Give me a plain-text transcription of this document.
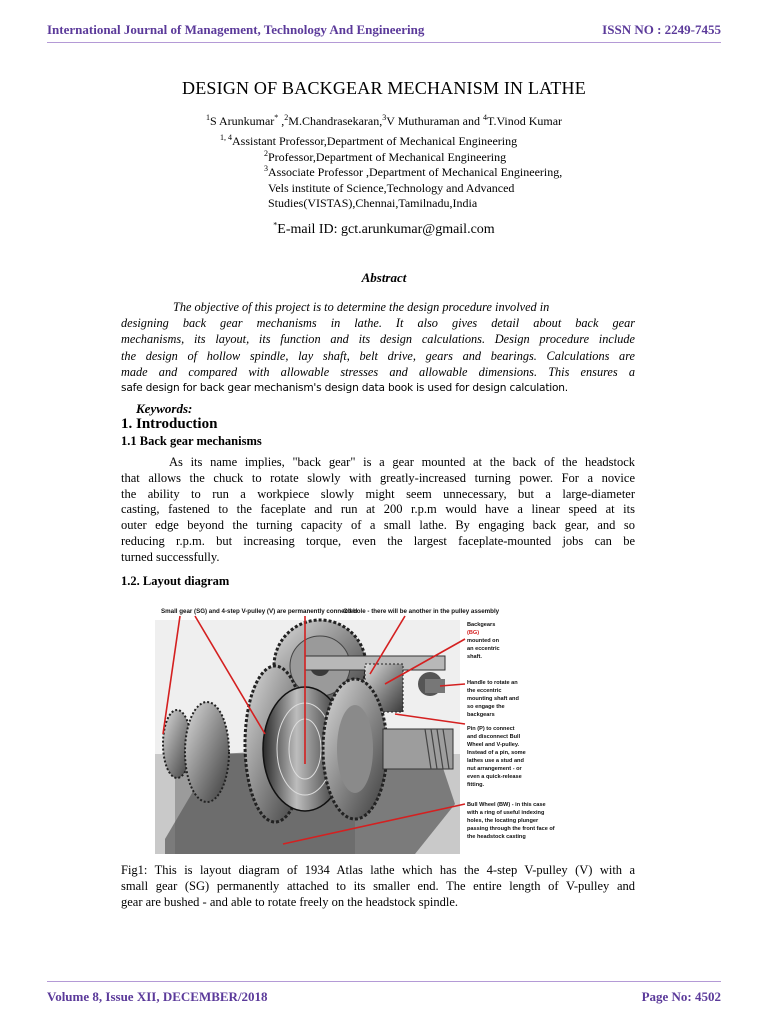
International Journal of Management, Technology And Engineering	ISSN NO : 2249-7455
DESIGN OF BACKGEAR MECHANISM IN LATHE
$^1$S Arunkumar* ,$^2$M.Chandrasekaran,$^3$V Muthuraman and $^4$T.Vinod Kumar
$^{1, 4}$Assistant Professor,Department of Mechanical Engineering
$^2$Professor,Department of Mechanical Engineering
$^3$Associate Professor ,Department of Mechanical Engineering,
Vels institute of Science,Technology and Advanced
Studies(VISTAS),Chennai,Tamilnadu,India
*E-mail ID: gct.arunkumar@gmail.com
Abstract
The objective of this project is to determine the design procedure involved in
designing back gear mechanisms in lathe. It also gives detail about back gear
mechanisms, its layout, its function and its design calculations. Design procedure include
the design of hollow spindle, lay shaft, belt drive, gears and bearings. Calculations are
made and compared with allowable stresses and allowable dimensions. This ensures a
safe design for back gear mechanism's design data book is used for design calculation.
Keywords:
1. Introduction
1.1 Back gear mechanisms
As its name implies, "back gear" is a gear mounted at the back of the headstock
that allows the chuck to rotate slowly with greatly-increased turning power. For a novice
the ability to run a workpiece slowly might seem unnecessary, but a large-diameter
casting, fastened to the faceplate and run at 200 r.p.m would have a linear speed at its
outer edge beyond the turning capacity of a small lathe. By engaging back gear, and so
reducing r.p.m. but increasing torque, even the largest faceplate-mounted jobs can be
turned successfully.
1.2. Layout diagram
Small gear (SG) and 4-step V-pulley (V) are permanently connected
Oil hole - there will be another in the pulley assembly
Backgears
(BG)
mounted on
an eccentric
shaft.
Handle to rotate an
the eccentric
mounting shaft and
so engage the
backgears
Pin (P) to connect
and disconnect Bull
Wheel and V-pulley.
Instead of a pin, some
lathes use a stud and
nut arrangement - or
even a quick-release
fitting.
Bull Wheel (BW) - in this case
with a ring of useful indexing
holes, the locating plunger
passing through the front face of
the headstock casting
Fig1: This is layout diagram of 1934 Atlas lathe which has the 4-step V-pulley (V) with a
small gear (SG) permanently attached to its smaller end. The entire length of V-pulley and
gear are bushed - and able to rotate freely on the headstock spindle.
Volume 8, Issue XII, DECEMBER/2018	Page No: 4502
